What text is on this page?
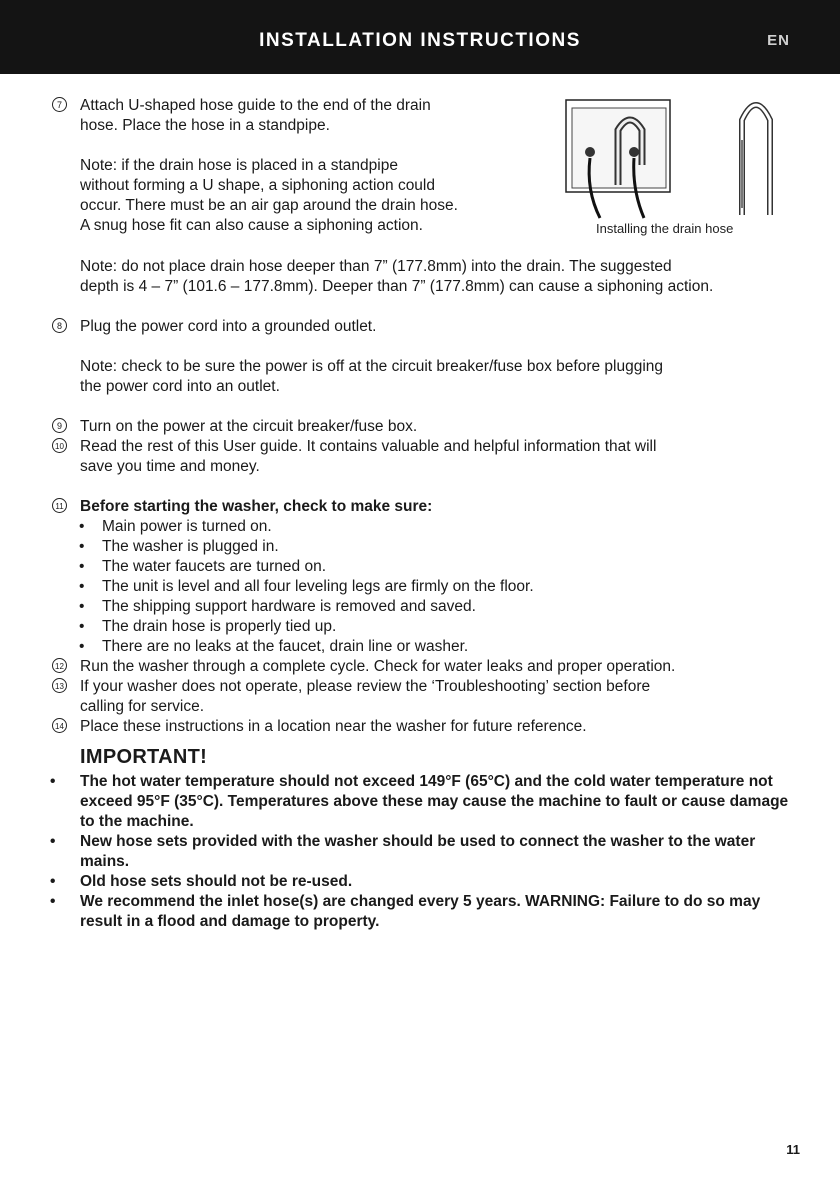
INSTALLATION INSTRUCTIONS	EN
7	Attach U-shaped hose guide to the end of the drain
hose. Place the hose in a standpipe.
Note: if the drain hose is placed in a standpipe
without forming a U shape, a siphoning action could
occur. There must be an air gap around the drain hose.
A snug hose fit can also cause a siphoning action.	Installing the drain hose
Note: do not place drain hose deeper than 7” (177.8mm) into the drain. The suggested
depth is 4 – 7” (101.6 – 177.8mm). Deeper than 7” (177.8mm) can cause a siphoning action.
8	Plug the power cord into a grounded outlet.
Note: check to be sure the power is off at the circuit breaker/fuse box before plugging
the power cord into an outlet.
9	Turn on the power at the circuit breaker/fuse box.
10 Read the rest of this User guide. It contains valuable and helpful information that will
save you time and money.
11 Before starting the washer, check to make sure:
• Main power is turned on.
• The washer is plugged in.
• The water faucets are turned on.
• The unit is level and all four leveling legs are firmly on the floor.
• The shipping support hardware is removed and saved.
• The drain hose is properly tied up.
• There are no leaks at the faucet, drain line or washer.
12 Run the washer through a complete cycle. Check for water leaks and proper operation.
13 If your washer does not operate, please review the ‘Troubleshooting’ section before
calling for service.
14 Place these instructions in a location near the washer for future reference.
IMPORTANT!
• The hot water temperature should not exceed 149°F (65°C) and the cold water temperature not exceed 95°F (35°C). Temperatures above these may cause the machine to fault or cause damage to the machine.
• New hose sets provided with the washer should be used to connect the washer to the water mains.
• Old hose sets should not be re-used.
• We recommend the inlet hose(s) are changed every 5 years. WARNING: Failure to do so may result in a flood and damage to property.
11
